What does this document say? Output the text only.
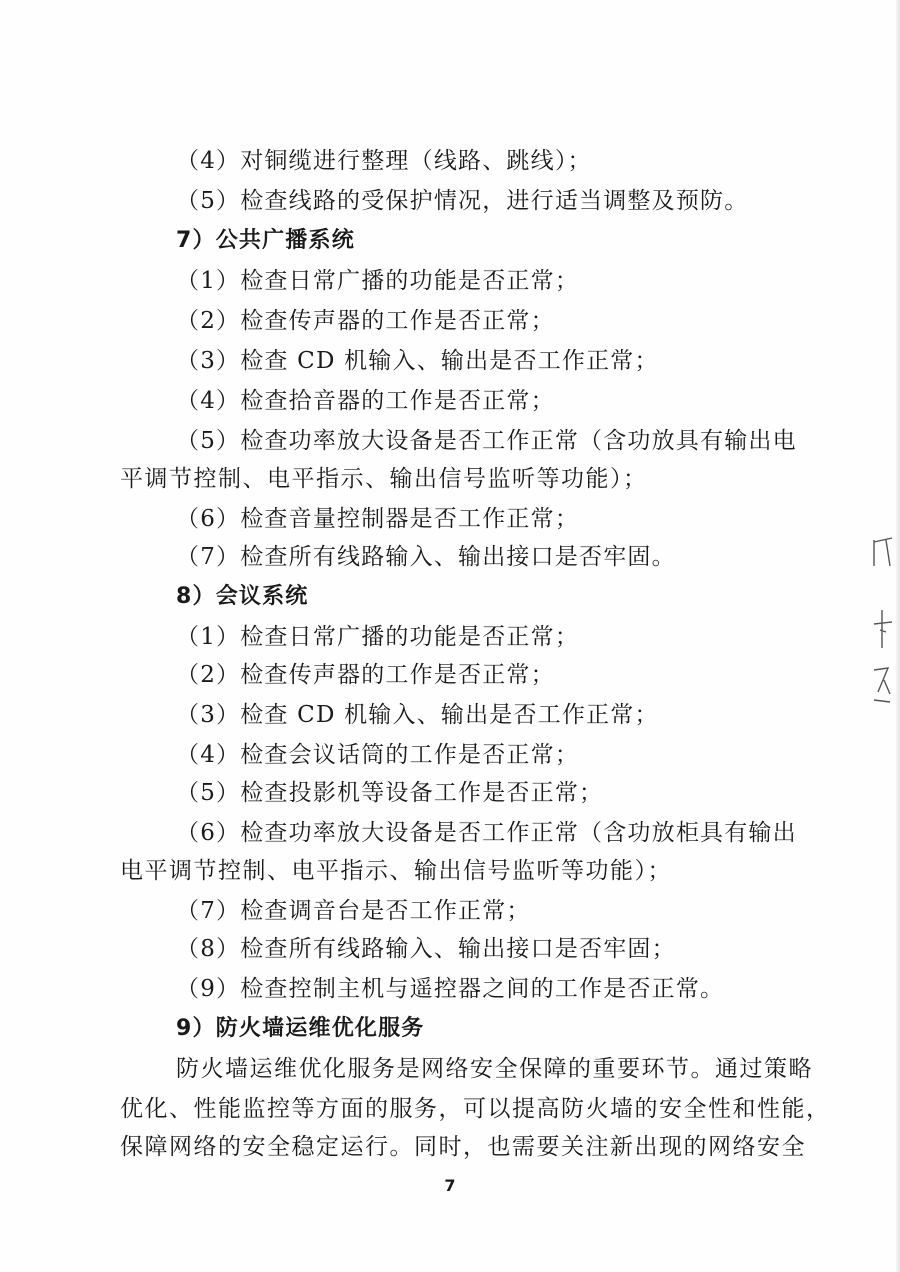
（4）对铜缆进行整理（线路、跳线）；
（5）检查线路的受保护情况，进行适当调整及预防。
7）公共广播系统
（1）检查日常广播的功能是否正常；
（2）检查传声器的工作是否正常；
（3）检查 CD 机输入、输出是否工作正常；
（4）检查拾音器的工作是否正常；
（5）检查功率放大设备是否工作正常（含功放具有输出电
平调节控制、电平指示、输出信号监听等功能）；
（6）检查音量控制器是否工作正常；
（7）检查所有线路输入、输出接口是否牢固。
8）会议系统
（1）检查日常广播的功能是否正常；
（2）检查传声器的工作是否正常；
（3）检查 CD 机输入、输出是否工作正常；
（4）检查会议话筒的工作是否正常；
（5）检查投影机等设备工作是否正常；
（6）检查功率放大设备是否工作正常（含功放柜具有输出
电平调节控制、电平指示、输出信号监听等功能）；
（7）检查调音台是否工作正常；
（8）检查所有线路输入、输出接口是否牢固；
（9）检查控制主机与遥控器之间的工作是否正常。
9）防火墙运维优化服务
防火墙运维优化服务是网络安全保障的重要环节。通过策略
优化、性能监控等方面的服务，可以提高防火墙的安全性和性能，
保障网络的安全稳定运行。同时，也需要关注新出现的网络安全
7
